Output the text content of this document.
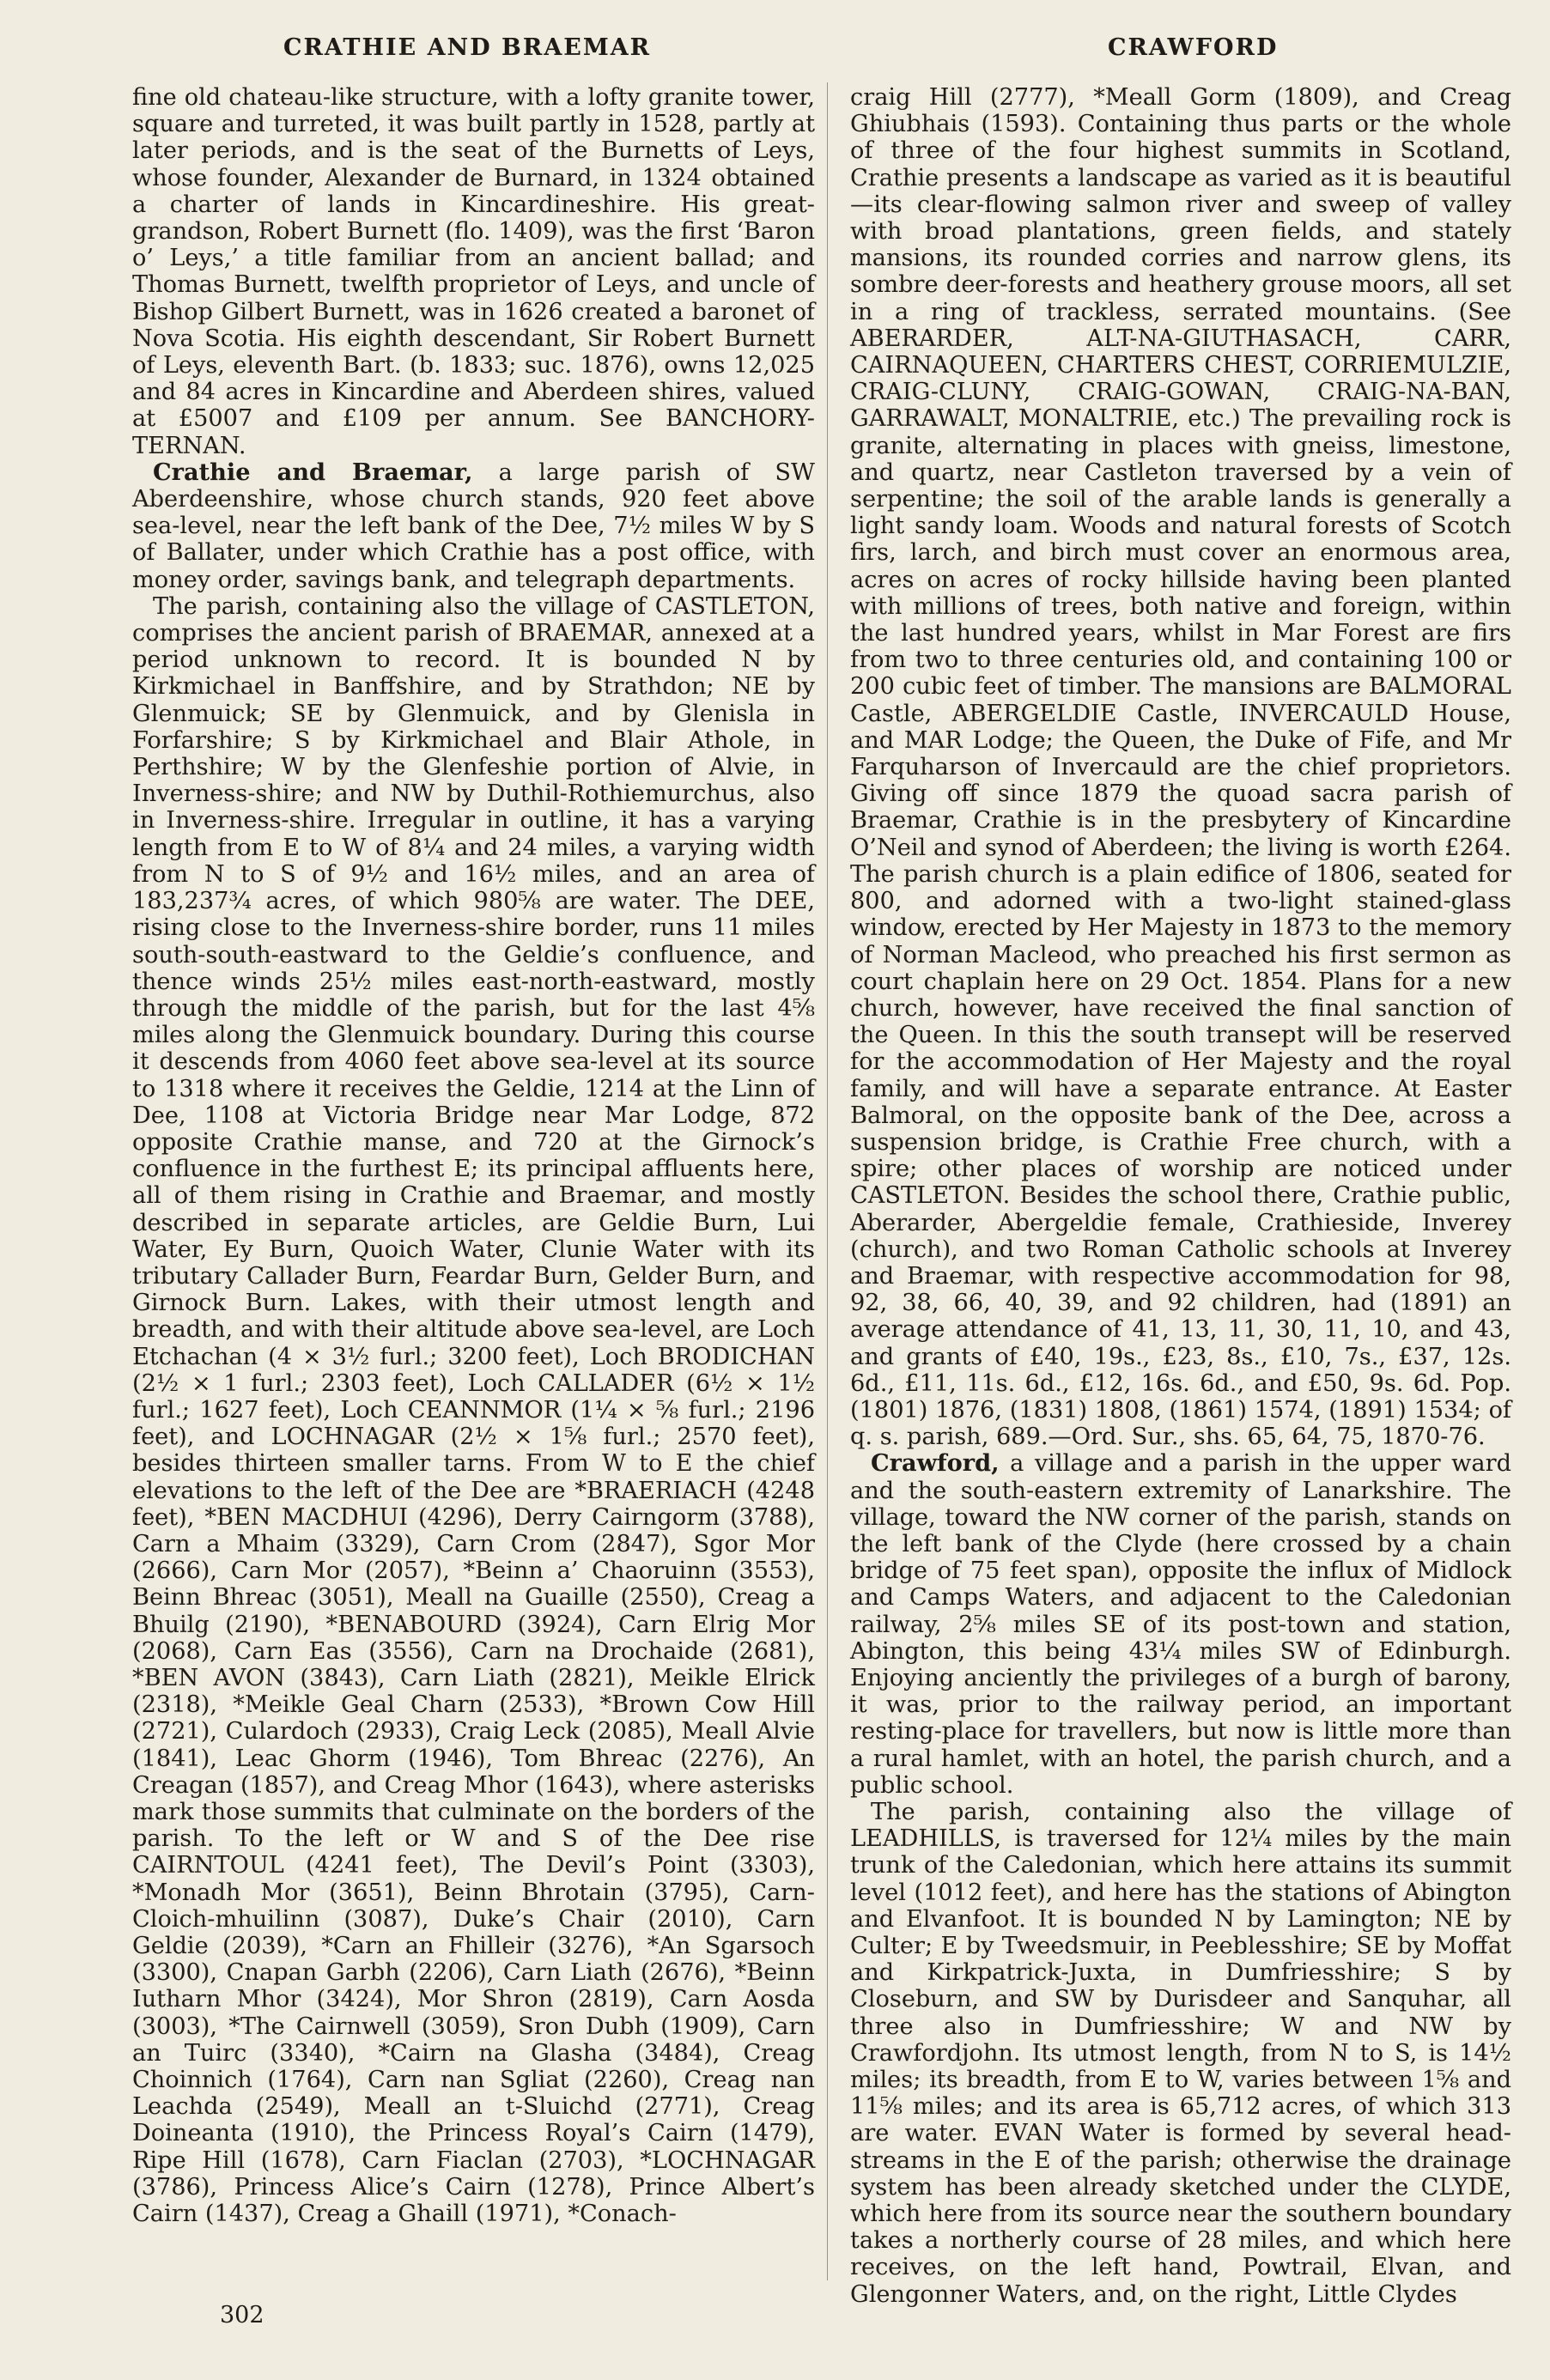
CRATHIE AND BRAEMAR	CRAWFORD

fine old chateau-like structure, with a lofty granite tower, square and turreted, it was built partly in 1528, partly at later periods, and is the seat of the Burnetts of Leys, whose founder, Alexander de Burnard, in 1324 obtained a charter of lands in Kincardineshire. His great-grandson, Robert Burnett (flo. 1409), was the first ‘Baron o’ Leys,’ a title familiar from an ancient ballad; and Thomas Burnett, twelfth proprietor of Leys, and uncle of Bishop Gilbert Burnett, was in 1626 created a baronet of Nova Scotia. His eighth descendant, Sir Robert Burnett of Leys, eleventh Bart. (b. 1833; suc. 1876), owns 12,025 and 84 acres in Kincardine and Aberdeen shires, valued at £5007 and £109 per annum. See BANCHORY-TERNAN.

Crathie and Braemar, a large parish of SW Aberdeenshire, whose church stands, 920 feet above sea-level, near the left bank of the Dee, 7½ miles W by S of Ballater, under which Crathie has a post office, with money order, savings bank, and telegraph departments.

The parish, containing also the village of CASTLETON, comprises the ancient parish of BRAEMAR, annexed at a period unknown to record. It is bounded N by Kirkmichael in Banffshire, and by Strathdon; NE by Glenmuick; SE by Glenmuick, and by Glenisla in Forfarshire; S by Kirkmichael and Blair Athole, in Perthshire; W by the Glenfeshie portion of Alvie, in Inverness-shire; and NW by Duthil-Rothiemurchus, also in Inverness-shire. Irregular in outline, it has a varying length from E to W of 8¼ and 24 miles, a varying width from N to S of 9½ and 16½ miles, and an area of 183,237¾ acres, of which 980⅝ are water. The DEE, rising close to the Inverness-shire border, runs 11 miles south-south-eastward to the Geldie’s confluence, and thence winds 25½ miles east-north-eastward, mostly through the middle of the parish, but for the last 4⅝ miles along the Glenmuick boundary. During this course it descends from 4060 feet above sea-level at its source to 1318 where it receives the Geldie, 1214 at the Linn of Dee, 1108 at Victoria Bridge near Mar Lodge, 872 opposite Crathie manse, and 720 at the Girnock’s confluence in the furthest E; its principal affluents here, all of them rising in Crathie and Braemar, and mostly described in separate articles, are Geldie Burn, Lui Water, Ey Burn, Quoich Water, Clunie Water with its tributary Callader Burn, Feardar Burn, Gelder Burn, and Girnock Burn. Lakes, with their utmost length and breadth, and with their altitude above sea-level, are Loch Etchachan (4 × 3½ furl.; 3200 feet), Loch BRODICHAN (2½ × 1 furl.; 2303 feet), Loch CALLADER (6½ × 1½ furl.; 1627 feet), Loch CEANNMOR (1¼ × ⅝ furl.; 2196 feet), and LOCHNAGAR (2½ × 1⅝ furl.; 2570 feet), besides thirteen smaller tarns. From W to E the chief elevations to the left of the Dee are *BRAERIACH (4248 feet), *BEN MACDHUI (4296), Derry Cairngorm (3788), Carn a Mhaim (3329), Carn Crom (2847), Sgor Mor (2666), Carn Mor (2057), *Beinn a’ Chaoruinn (3553), Beinn Bhreac (3051), Meall na Guaille (2550), Creag a Bhuilg (2190), *BENABOURD (3924), Carn Elrig Mor (2068), Carn Eas (3556), Carn na Drochaide (2681), *BEN AVON (3843), Carn Liath (2821), Meikle Elrick (2318), *Meikle Geal Charn (2533), *Brown Cow Hill (2721), Culardoch (2933), Craig Leck (2085), Meall Alvie (1841), Leac Ghorm (1946), Tom Bhreac (2276), An Creagan (1857), and Creag Mhor (1643), where asterisks mark those summits that culminate on the borders of the parish. To the left or W and S of the Dee rise CAIRNTOUL (4241 feet), The Devil’s Point (3303), *Monadh Mor (3651), Beinn Bhrotain (3795), Carn-Cloich-mhuilinn (3087), Duke’s Chair (2010), Carn Geldie (2039), *Carn an Fhilleir (3276), *An Sgarsoch (3300), Cnapan Garbh (2206), Carn Liath (2676), *Beinn Iutharn Mhor (3424), Mor Shron (2819), Carn Aosda (3003), *The Cairnwell (3059), Sron Dubh (1909), Carn an Tuirc (3340), *Cairn na Glasha (3484), Creag Choinnich (1764), Carn nan Sgliat (2260), Creag nan Leachda (2549), Meall an t-Sluichd (2771), Creag Doineanta (1910), the Princess Royal’s Cairn (1479), Ripe Hill (1678), Carn Fiaclan (2703), *LOCHNAGAR (3786), Princess Alice’s Cairn (1278), Prince Albert’s Cairn (1437), Creag a Ghaill (1971), *Conach-

craig Hill (2777), *Meall Gorm (1809), and Creag Ghiubhais (1593). Containing thus parts or the whole of three of the four highest summits in Scotland, Crathie presents a landscape as varied as it is beautiful—its clear-flowing salmon river and sweep of valley with broad plantations, green fields, and stately mansions, its rounded corries and narrow glens, its sombre deer-forests and heathery grouse moors, all set in a ring of trackless, serrated mountains. (See ABERARDER, ALT-NA-GIUTHASACH, CARR, CAIRNAQUEEN, CHARTERS CHEST, CORRIEMULZIE, CRAIG-CLUNY, CRAIG-GOWAN, CRAIG-NA-BAN, GARRAWALT, MONALTRIE, etc.) The prevailing rock is granite, alternating in places with gneiss, limestone, and quartz, near Castleton traversed by a vein of serpentine; the soil of the arable lands is generally a light sandy loam. Woods and natural forests of Scotch firs, larch, and birch must cover an enormous area, acres on acres of rocky hillside having been planted with millions of trees, both native and foreign, within the last hundred years, whilst in Mar Forest are firs from two to three centuries old, and containing 100 or 200 cubic feet of timber. The mansions are BALMORAL Castle, ABERGELDIE Castle, INVERCAULD House, and MAR Lodge; the Queen, the Duke of Fife, and Mr Farquharson of Invercauld are the chief proprietors. Giving off since 1879 the quoad sacra parish of Braemar, Crathie is in the presbytery of Kincardine O’Neil and synod of Aberdeen; the living is worth £264. The parish church is a plain edifice of 1806, seated for 800, and adorned with a two-light stained-glass window, erected by Her Majesty in 1873 to the memory of Norman Macleod, who preached his first sermon as court chaplain here on 29 Oct. 1854. Plans for a new church, however, have received the final sanction of the Queen. In this the south transept will be reserved for the accommodation of Her Majesty and the royal family, and will have a separate entrance. At Easter Balmoral, on the opposite bank of the Dee, across a suspension bridge, is Crathie Free church, with a spire; other places of worship are noticed under CASTLETON. Besides the school there, Crathie public, Aberarder, Abergeldie female, Crathieside, Inverey (church), and two Roman Catholic schools at Inverey and Braemar, with respective accommodation for 98, 92, 38, 66, 40, 39, and 92 children, had (1891) an average attendance of 41, 13, 11, 30, 11, 10, and 43, and grants of £40, 19s., £23, 8s., £10, 7s., £37, 12s. 6d., £11, 11s. 6d., £12, 16s. 6d., and £50, 9s. 6d. Pop. (1801) 1876, (1831) 1808, (1861) 1574, (1891) 1534; of q. s. parish, 689.—Ord. Sur., shs. 65, 64, 75, 1870-76.

Crawford, a village and a parish in the upper ward and the south-eastern extremity of Lanarkshire. The village, toward the NW corner of the parish, stands on the left bank of the Clyde (here crossed by a chain bridge of 75 feet span), opposite the influx of Midlock and Camps Waters, and adjacent to the Caledonian railway, 2⅝ miles SE of its post-town and station, Abington, this being 43¼ miles SW of Edinburgh. Enjoying anciently the privileges of a burgh of barony, it was, prior to the railway period, an important resting-place for travellers, but now is little more than a rural hamlet, with an hotel, the parish church, and a public school.

The parish, containing also the village of LEADHILLS, is traversed for 12¼ miles by the main trunk of the Caledonian, which here attains its summit level (1012 feet), and here has the stations of Abington and Elvanfoot. It is bounded N by Lamington; NE by Culter; E by Tweedsmuir, in Peeblesshire; SE by Moffat and Kirkpatrick-Juxta, in Dumfriesshire; S by Closeburn, and SW by Durisdeer and Sanquhar, all three also in Dumfriesshire; W and NW by Crawfordjohn. Its utmost length, from N to S, is 14½ miles; its breadth, from E to W, varies between 1⅝ and 11⅝ miles; and its area is 65,712 acres, of which 313 are water. EVAN Water is formed by several head-streams in the E of the parish; otherwise the drainage system has been already sketched under the CLYDE, which here from its source near the southern boundary takes a northerly course of 28 miles, and which here receives, on the left hand, Powtrail, Elvan, and Glengonner Waters, and, on the right, Little Clydes

302
